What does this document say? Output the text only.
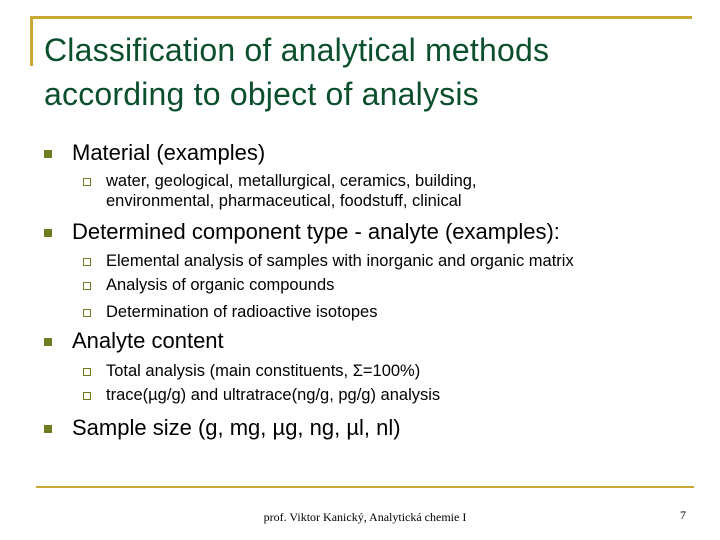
Classification of analytical methods
according to object of analysis
Material (examples)
water, geological, metallurgical, ceramics, building,
environmental, pharmaceutical, foodstuff, clinical
Determined component type - analyte (examples):
Elemental analysis of samples with inorganic and organic matrix
Analysis of organic compounds
Determination of radioactive isotopes
Analyte content
Total analysis (main constituents, Σ=100%)
trace(µg/g) and ultratrace(ng/g, pg/g) analysis
Sample size (g, mg, µg, ng, µl, nl)
prof. Viktor Kanický, Analytická chemie I	7
